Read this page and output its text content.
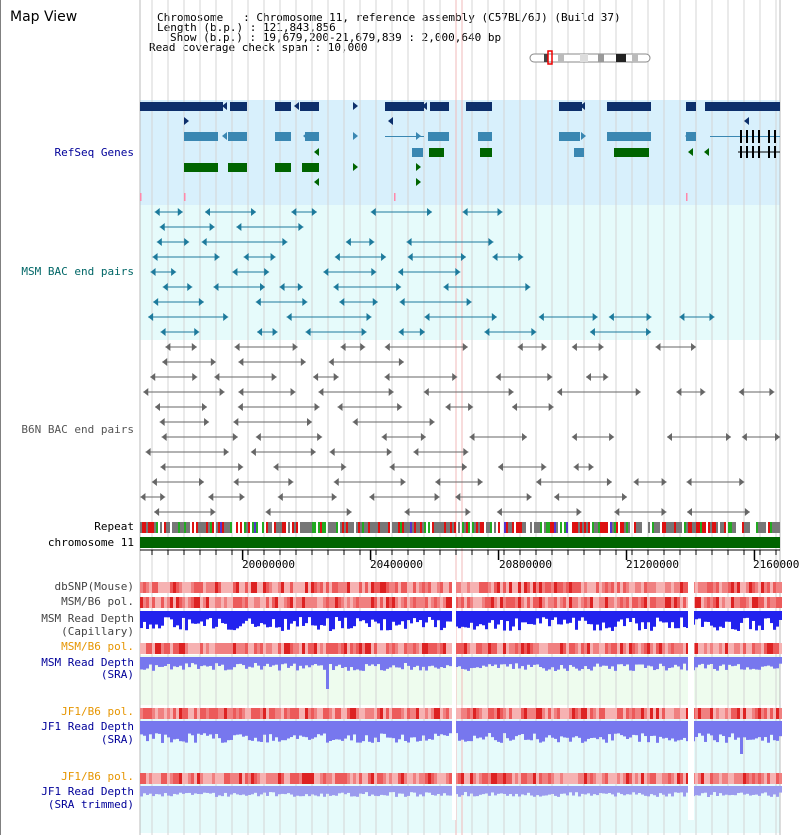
Map View	Chromosome   : Chromosome 11, reference assembly (C57BL/6J) (Build 37)
Length (b.p.) : 121,843,856
Show (b.p.) : 19,679,200-21,679,839 : 2,000,640 bp
Read coverage check span : 10,000
RefSeq Genes
MSM BAC end pairs
B6N BAC end pairs
Repeat
chromosome 11
dbSNP(Mouse)
MSM/B6 pol.
MSM Read Depth
(Capillary)
MSM/B6 pol.
MSM Read Depth
(SRA)
JF1/B6 pol.
JF1 Read Depth
(SRA)
JF1/B6 pol.
JF1 Read Depth
(SRA trimmed)
20000000	20400000	20800000	21200000	2160000
